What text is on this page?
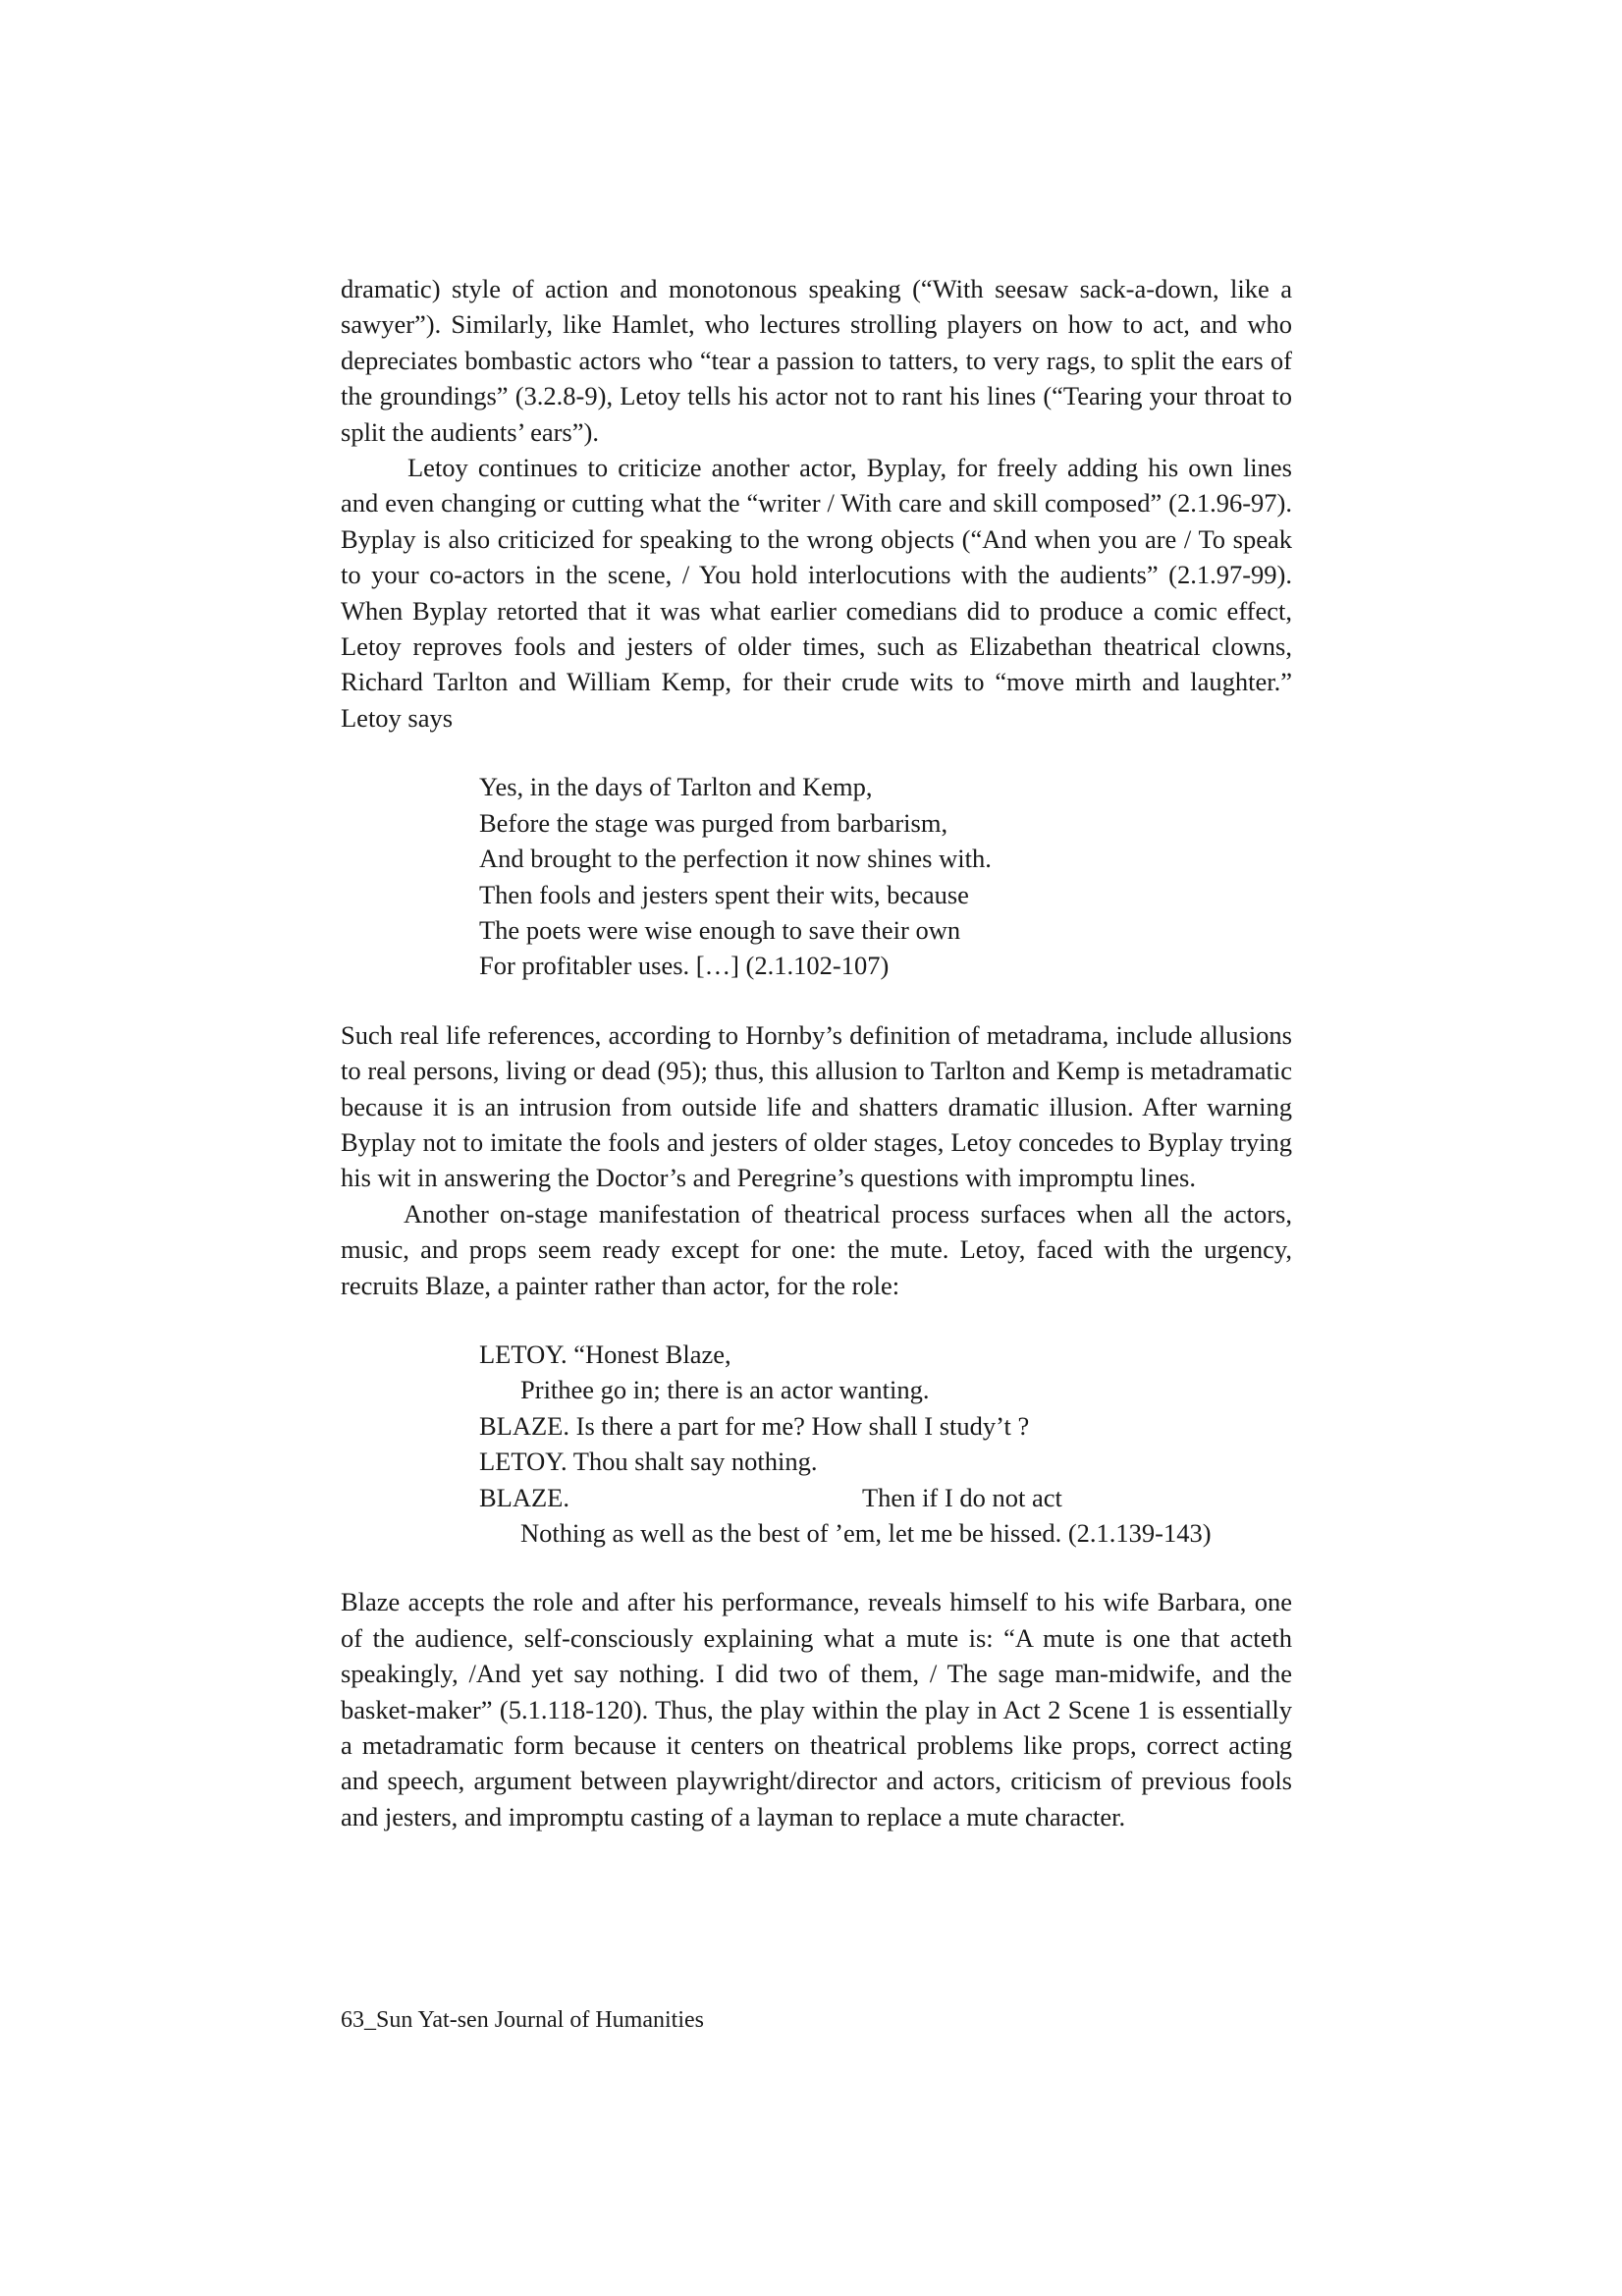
dramatic) style of action and monotonous speaking (“With seesaw sack-a-down, like a sawyer”). Similarly, like Hamlet, who lectures strolling players on how to act, and who depreciates bombastic actors who “tear a passion to tatters, to very rags, to split the ears of the groundings” (3.2.8-9), Letoy tells his actor not to rant his lines (“Tearing your throat to split the audients’ ears”).

Letoy continues to criticize another actor, Byplay, for freely adding his own lines and even changing or cutting what the “writer / With care and skill composed” (2.1.96-97). Byplay is also criticized for speaking to the wrong objects (“And when you are / To speak to your co-actors in the scene, / You hold interlocutions with the audients” (2.1.97-99). When Byplay retorted that it was what earlier comedians did to produce a comic effect, Letoy reproves fools and jesters of older times, such as Elizabethan theatrical clowns, Richard Tarlton and William Kemp, for their crude wits to “move mirth and laughter.” Letoy says

Yes, in the days of Tarlton and Kemp,
Before the stage was purged from barbarism,
And brought to the perfection it now shines with.
Then fools and jesters spent their wits, because
The poets were wise enough to save their own
For profitabler uses. […] (2.1.102-107)

Such real life references, according to Hornby’s definition of metadrama, include allusions to real persons, living or dead (95); thus, this allusion to Tarlton and Kemp is metadramatic because it is an intrusion from outside life and shatters dramatic illusion. After warning Byplay not to imitate the fools and jesters of older stages, Letoy concedes to Byplay trying his wit in answering the Doctor’s and Peregrine’s questions with impromptu lines.

Another on-stage manifestation of theatrical process surfaces when all the actors, music, and props seem ready except for one: the mute. Letoy, faced with the urgency, recruits Blaze, a painter rather than actor, for the role:

LETOY. “Honest Blaze,
Prithee go in; there is an actor wanting.
BLAZE. Is there a part for me? How shall I study’t ?
LETOY. Thou shalt say nothing.
BLAZE.	Then if I do not act
Nothing as well as the best of ’em, let me be hissed. (2.1.139-143)

Blaze accepts the role and after his performance, reveals himself to his wife Barbara, one of the audience, self-consciously explaining what a mute is: “A mute is one that acteth speakingly, /And yet say nothing. I did two of them, / The sage man-midwife, and the basket-maker” (5.1.118-120). Thus, the play within the play in Act 2 Scene 1 is essentially a metadramatic form because it centers on theatrical problems like props, correct acting and speech, argument between playwright/director and actors, criticism of previous fools and jesters, and impromptu casting of a layman to replace a mute character.

63_Sun Yat-sen Journal of Humanities
